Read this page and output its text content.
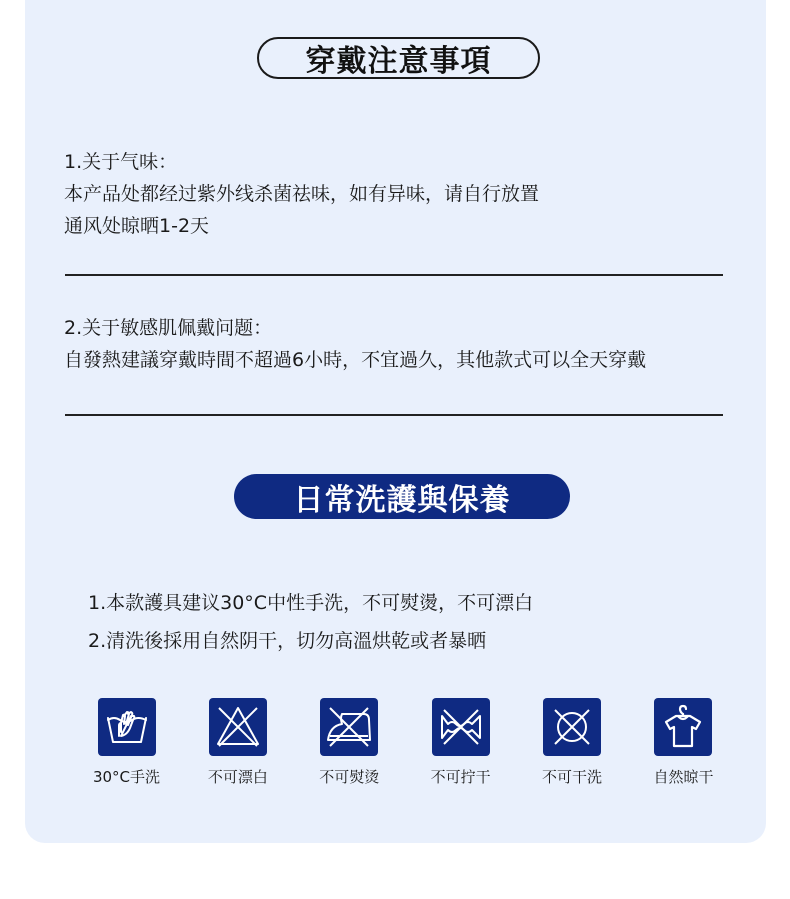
穿戴注意事項
1.关于气味：
本产品处都经过紫外线杀菌祛味，如有异味，请自行放置
通风处晾晒1-2天
2.关于敏感肌佩戴问题：
自發熱建議穿戴時間不超過6小時，不宜過久，其他款式可以全天穿戴
日常洗護與保養
1.本款護具建议30°C中性手洗，不可熨燙，不可漂白
2.清洗後採用自然阴干，切勿高溫烘乾或者暴晒
30°C手洗	不可漂白	不可熨烫	不可拧干	不可干洗	自然晾干
